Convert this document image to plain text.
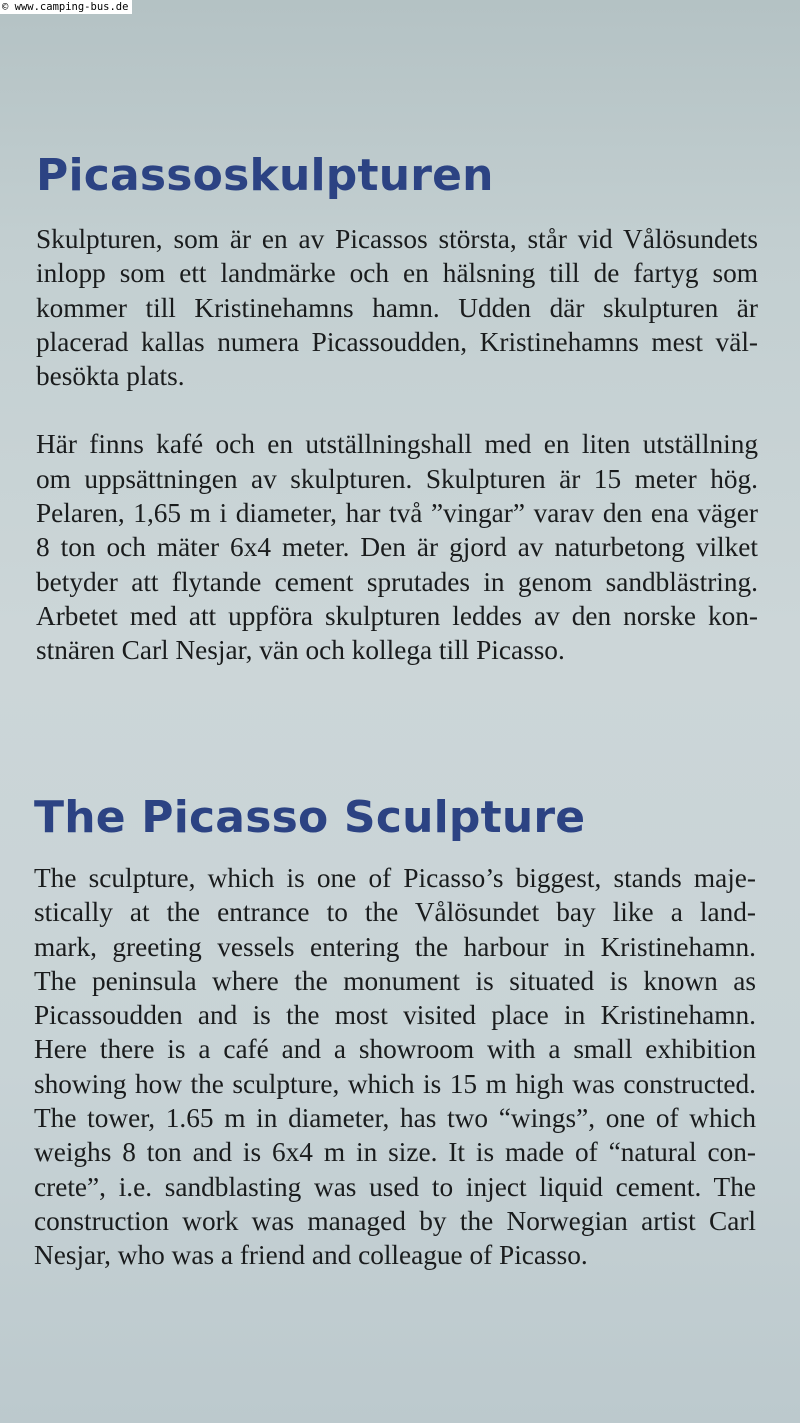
© www.camping-bus.de
Picassoskulpturen

Skulpturen, som är en av Picassos största, står vid Vålösundets
inlopp som ett landmärke och en hälsning till de fartyg som
kommer till Kristinehamns hamn. Udden där skulpturen är
placerad kallas numera Picassoudden, Kristinehamns mest väl-
besökta plats.

Här finns kafé och en utställningshall med en liten utställning
om uppsättningen av skulpturen. Skulpturen är 15 meter hög.
Pelaren, 1,65 m i diameter, har två ”vingar” varav den ena väger
8 ton och mäter 6x4 meter. Den är gjord av naturbetong vilket
betyder att flytande cement sprutades in genom sandblästring.
Arbetet med att uppföra skulpturen leddes av den norske kon-
stnären Carl Nesjar, vän och kollega till Picasso.

The Picasso Sculpture

The sculpture, which is one of Picasso’s biggest, stands maje-
stically at the entrance to the Vålösundet bay like a land-
mark, greeting vessels entering the harbour in Kristinehamn.
The peninsula where the monument is situated is known as
Picassoudden and is the most visited place in Kristinehamn.
Here there is a café and a showroom with a small exhibition
showing how the sculpture, which is 15 m high was constructed.
The tower, 1.65 m in diameter, has two “wings”, one of which
weighs 8 ton and is 6x4 m in size. It is made of “natural con-
crete”, i.e. sandblasting was used to inject liquid cement. The
construction work was managed by the Norwegian artist Carl
Nesjar, who was a friend and colleague of Picasso.
